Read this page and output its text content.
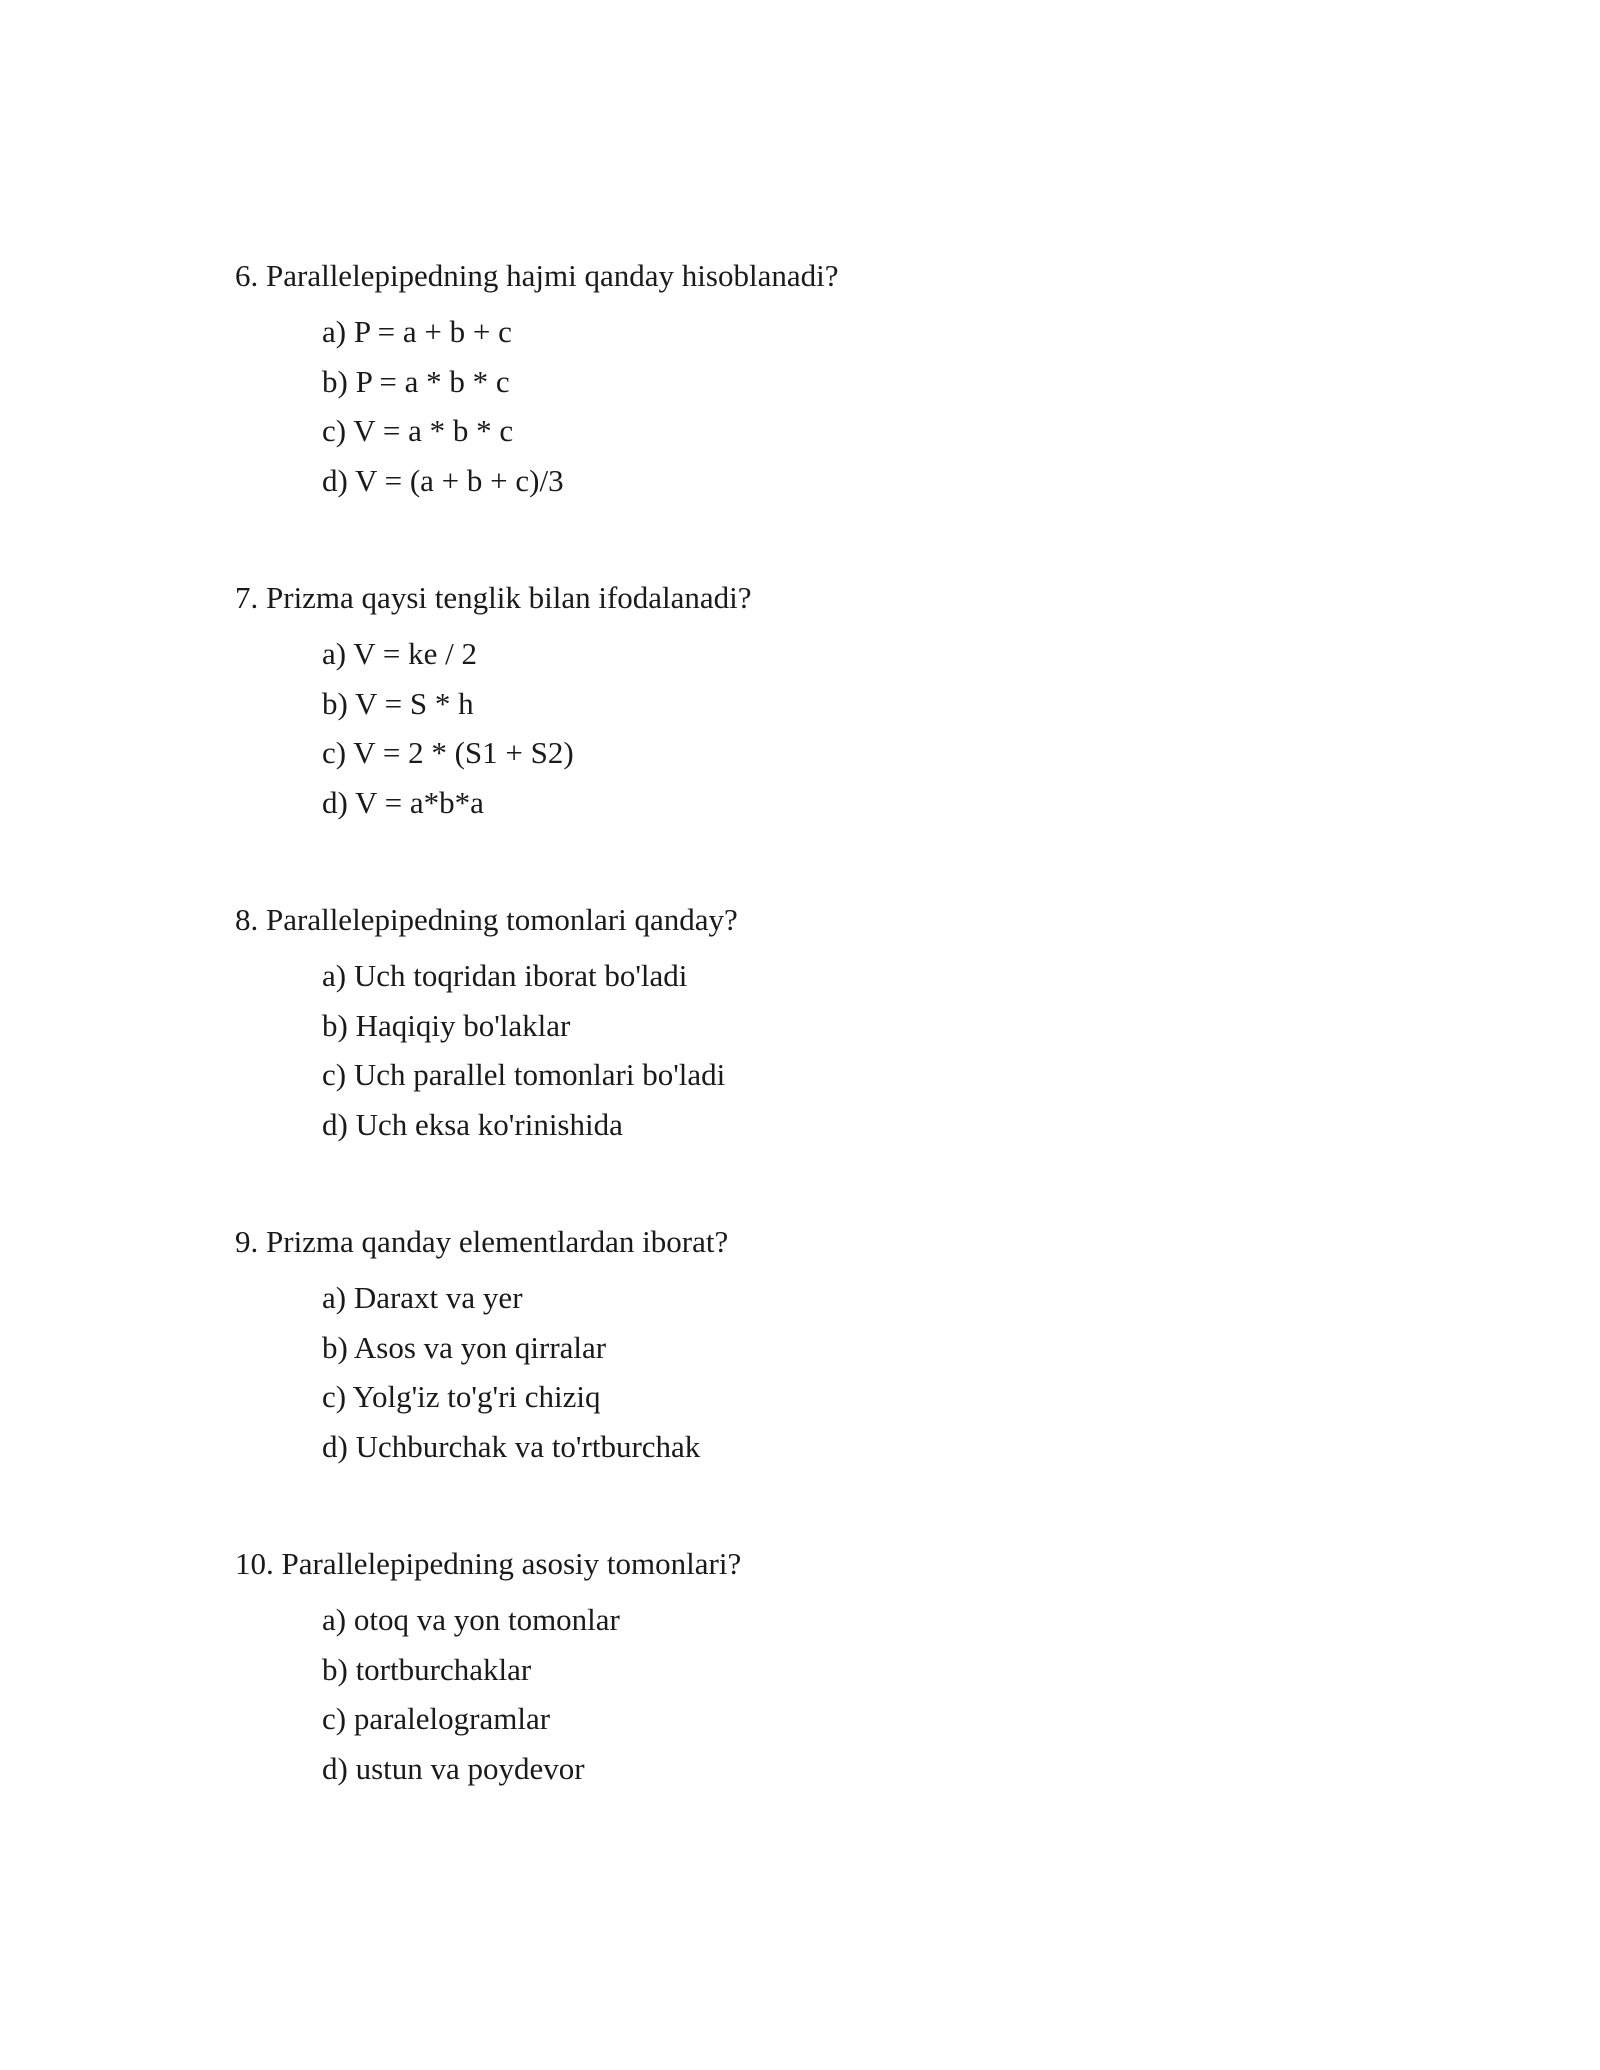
6. Parallelepipedning hajmi qanday hisoblanadi?
a) P = a + b + c
b) P = a * b * c
c) V = a * b * c
d) V = (a + b + c)/3
7. Prizma qaysi tenglik bilan ifodalanadi?
a) V = ke / 2
b) V = S * h
c) V = 2 * (S1 + S2)
d) V = a*b*a
8. Parallelepipedning tomonlari qanday?
a) Uch toqridan iborat bo'ladi
b) Haqiqiy bo'laklar
c) Uch parallel tomonlari bo'ladi
d) Uch eksa ko'rinishida
9. Prizma qanday elementlardan iborat?
a) Daraxt va yer
b) Asos va yon qirralar
c) Yolg'iz to'g'ri chiziq
d) Uchburchak va to'rtburchak
10. Parallelepipedning asosiy tomonlari?
a) otoq va yon tomonlar
b) tortburchaklar
c) paralelogramlar
d) ustun va poydevor
